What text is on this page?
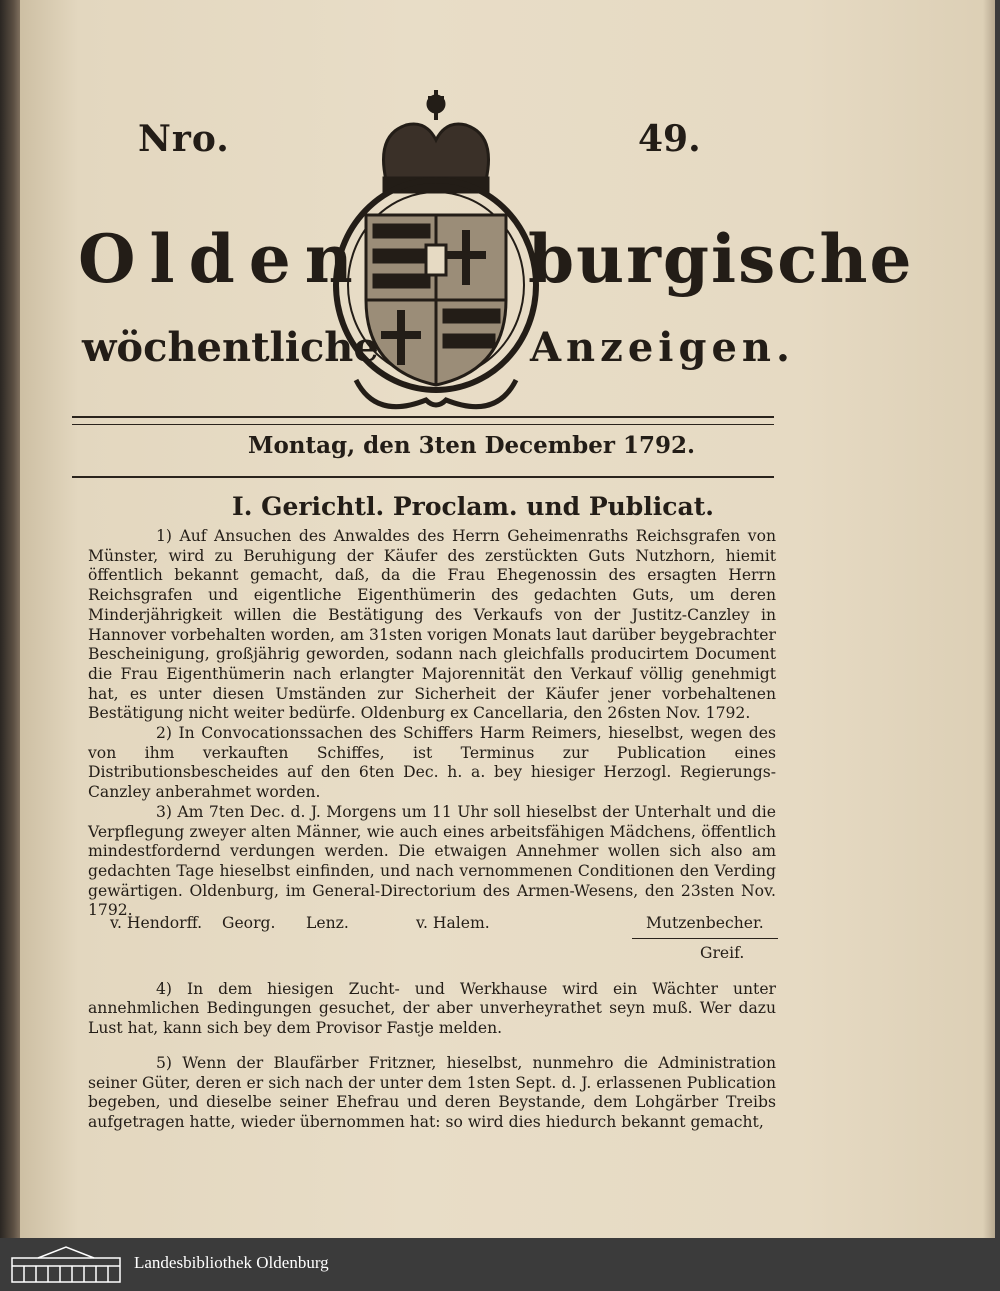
Nro.	49.
Olden burgische
wöchentliche	Anzeigen.
Montag, den 3ten December 1792.
I. Gerichtl. Proclam. und Publicat.

1) Auf Ansuchen des Anwaldes des Herrn Geheimenraths Reichsgrafen von Münster, wird zu Beruhigung der Käufer des zerstückten Guts Nutzhorn, hiemit öffentlich bekannt gemacht, daß, da die Frau Ehegenossin des ersagten Herrn Reichsgrafen und eigentliche Eigenthümerin des gedachten Guts, um deren Minderjährigkeit willen die Bestätigung des Verkaufs von der Justitz-Canzley in Hannover vorbehalten worden, am 31sten vorigen Monats laut darüber beygebrachter Bescheinigung, großjährig geworden, sodann nach gleichfalls producirtem Document die Frau Eigenthümerin nach erlangter Majorennität den Verkauf völlig genehmigt hat, es unter diesen Umständen zur Sicherheit der Käufer jener vorbehaltenen Bestätigung nicht weiter bedürfe. Oldenburg ex Cancellaria, den 26sten Nov. 1792.

2) In Convocationssachen des Schiffers Harm Reimers, hieselbst, wegen des von ihm verkauften Schiffes, ist Terminus zur Publication eines Distributionsbescheides auf den 6ten Dec. h. a. bey hiesiger Herzogl. Regierungs-Canzley anberahmet worden.

3) Am 7ten Dec. d. J. Morgens um 11 Uhr soll hieselbst der Unterhalt und die Verpflegung zweyer alten Männer, wie auch eines arbeitsfähigen Mädchens, öffentlich mindestfordernd verdungen werden. Die etwaigen Annehmer wollen sich also am gedachten Tage hieselbst einfinden, und nach vernommenen Conditionen den Verding gewärtigen. Oldenburg, im General-Directorium des Armen-Wesens, den 23sten Nov. 1792.

v. Hendorff. Georg. Lenz.	v. Halem.	Mutzenbecher.
Greif.

4) In dem hiesigen Zucht- und Werkhause wird ein Wächter unter annehmlichen Bedingungen gesuchet, der aber unverheyrathet seyn muß. Wer dazu Lust hat, kann sich bey dem Provisor Fastje melden.

5) Wenn der Blaufärber Fritzner, hieselbst, nunmehro die Administration seiner Güter, deren er sich nach der unter dem 1sten Sept. d. J. erlassenen Publication begeben, und dieselbe seiner Ehefrau und deren Beystande, dem Lohgärber Treibs aufgetragen hatte, wieder übernommen hat: so wird dies hiedurch bekannt gemacht,

Landesbibliothek Oldenburg
